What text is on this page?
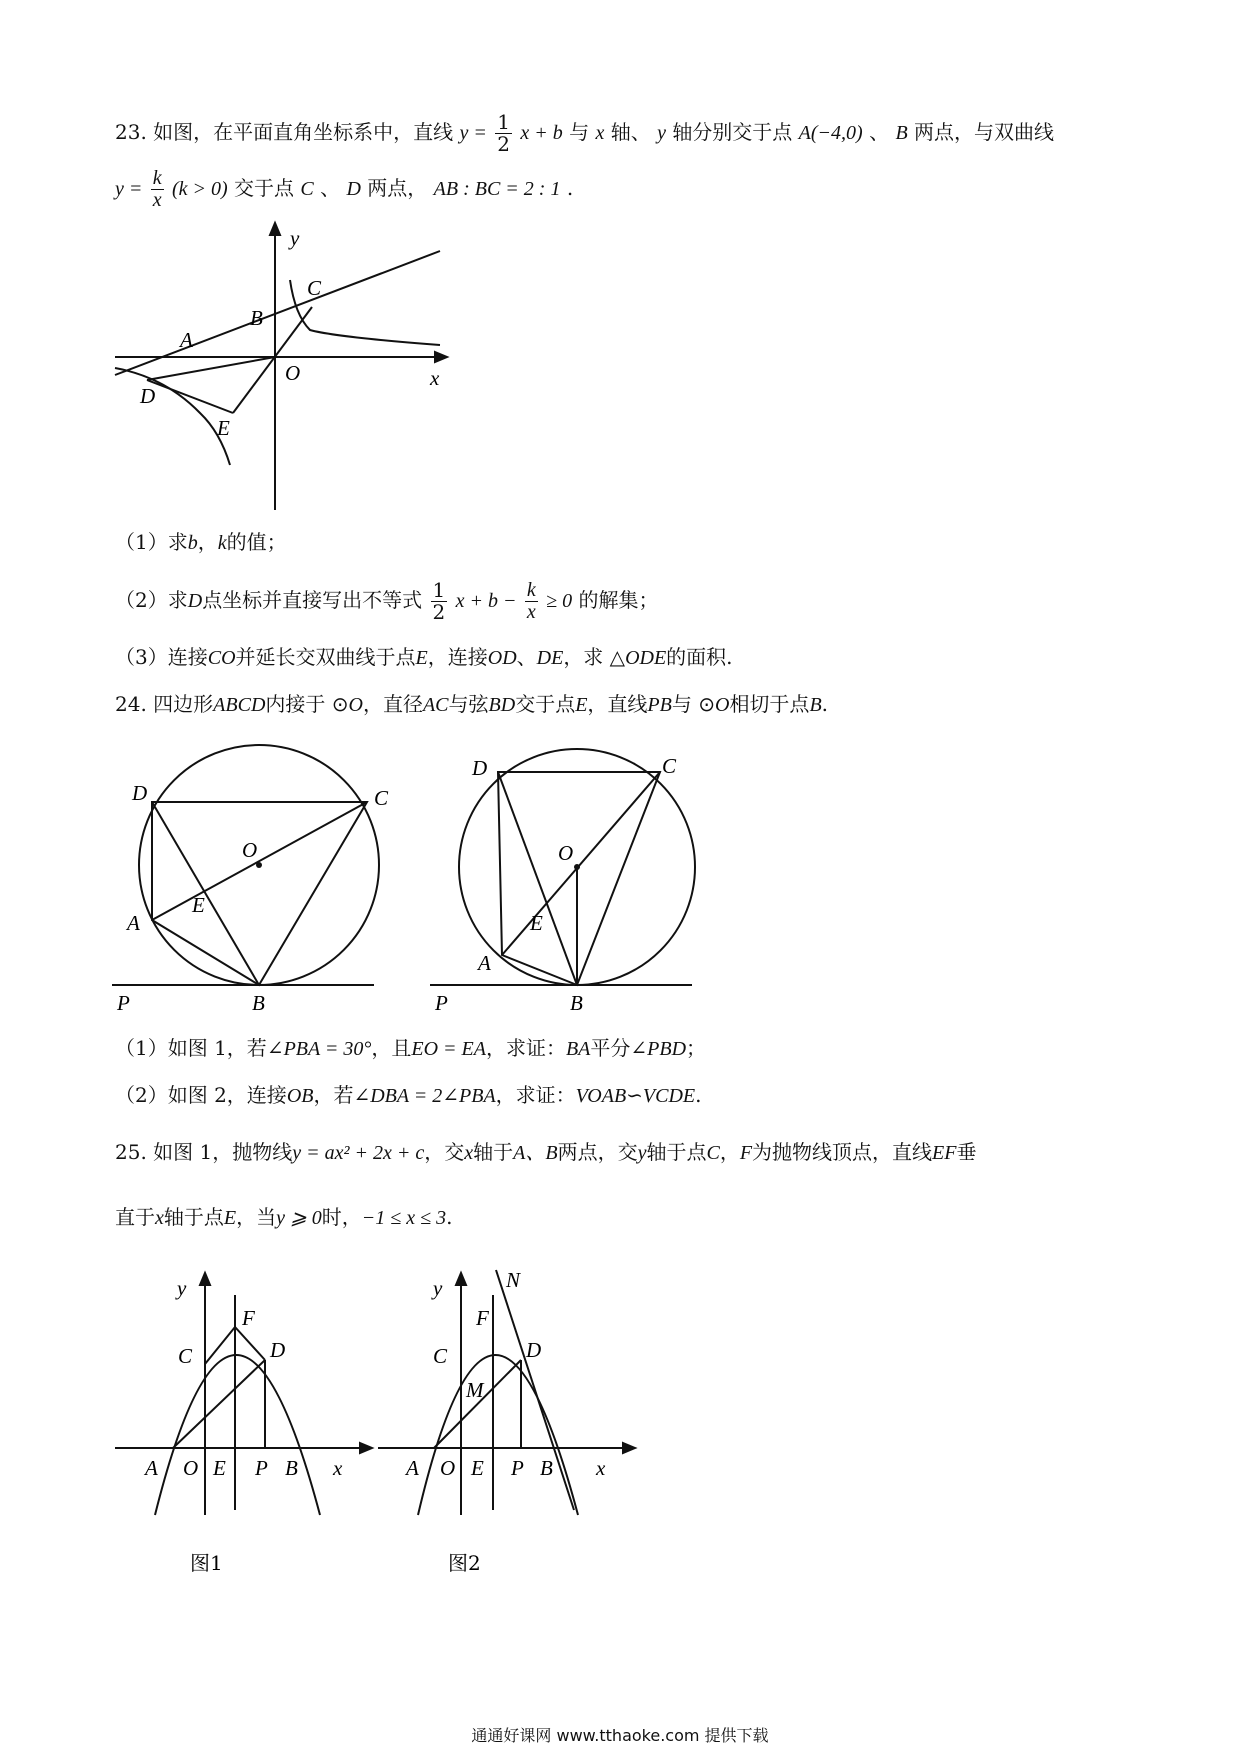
23. 如图，在平面直角坐标系中，直线 $y = \frac{1}{2}$ x + b 与 x 轴、 y 轴分别交于点 A(−4,0) 、 B 两点，与双曲线
$y = \frac{k}{x} (k > 0)$ 交于点 C 、 D 两点， AB : BC = 2 : 1 .
y
x
O
A
B
C
D
E
（1）求b，k的值；
（2）求D点坐标并直接写出不等式 $\frac{1}{2}$ $x + b - \frac{k}{x} \ge 0$ 的解集；
（3）连接CO并延长交双曲线于点E，连接OD、DE，求 △ODE的面积.
24. 四边形ABCD内接于 ⊙O，直径AC与弦BD交于点E，直线PB与 ⊙O相切于点B.
D	C
O
E
A
P	B
D	C
O
E
A
P	B
（1）如图 1，若∠PBA = 30°，且EO = EA，求证：BA平分∠PBD；
（2）如图 2，连接OB，若∠DBA = 2∠PBA，求证：VOAB∽VCDE.
25. 如图 1，抛物线y = ax² + 2x + c，交x轴于A、B两点，交y轴于点C，F为抛物线顶点，直线EF垂
直于x轴于点E，当y ⩾ 0时，−1 ≤ x ≤ 3.
y
x
F
C	D
A O E P B
图1
y
x
N
F
C	D
M
A O E P B
图2
通通好课网 www.tthaoke.com 提供下载
